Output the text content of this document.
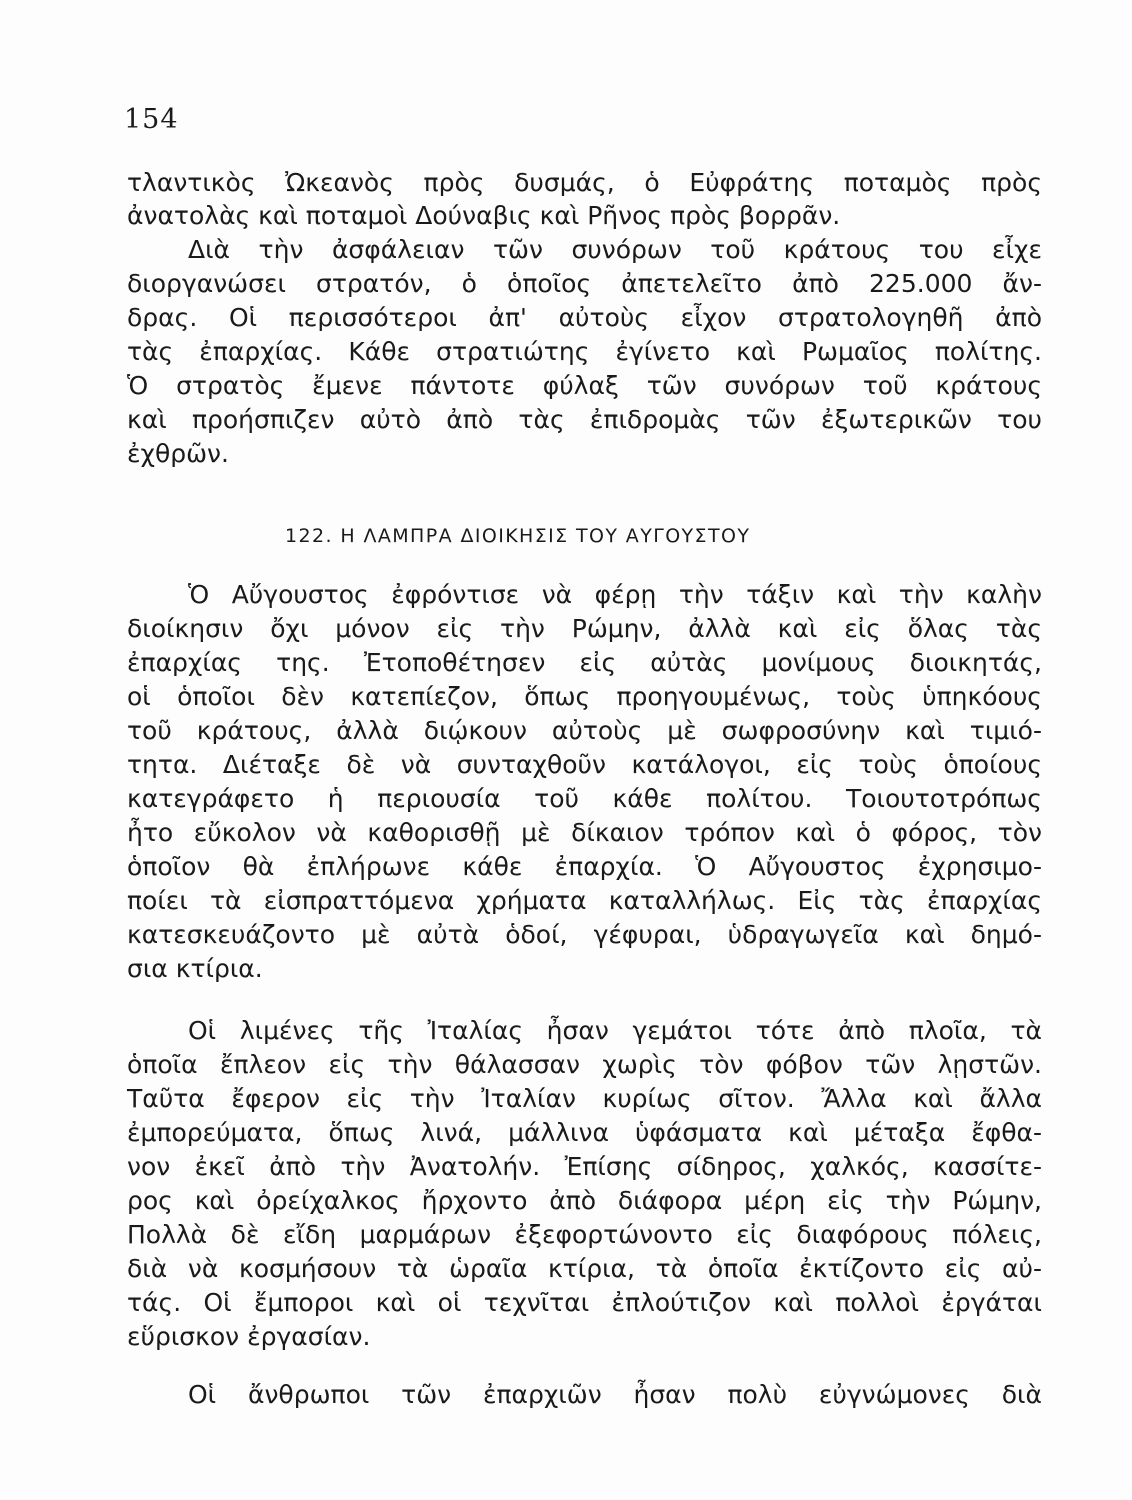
154
τλαντικὸς Ὠκεανὸς πρὸς δυσμάς, ὁ Εὐφράτης ποταμὸς πρὸς
ἀνατολὰς καὶ ποταμοὶ Δούναβις καὶ Ρῆνος πρὸς βορρᾶν.
Διὰ τὴν ἀσφάλειαν τῶν συνόρων τοῦ κράτους του εἶχε
διοργανώσει στρατόν, ὁ ὁποῖος ἀπετελεῖτο ἀπὸ 225.000 ἄν-
δρας. Οἱ περισσότεροι ἀπ' αὐτοὺς εἶχον στρατολογηθῆ ἀπὸ
τὰς ἐπαρχίας. Κάθε στρατιώτης ἐγίνετο καὶ Ρωμαῖος πολίτης.
Ὁ στρατὸς ἔμενε πάντοτε φύλαξ τῶν συνόρων τοῦ κράτους
καὶ προήσπιζεν αὐτὸ ἀπὸ τὰς ἐπιδρομὰς τῶν ἐξωτερικῶν του
ἐχθρῶν.
122. Η ΛΑΜΠΡΑ ΔΙΟΙΚΗΣΙΣ ΤΟΥ ΑΥΓΟΥΣΤΟΥ
Ὁ Αὔγουστος ἐφρόντισε νὰ φέρῃ τὴν τάξιν καὶ τὴν καλὴν
διοίκησιν ὄχι μόνον εἰς τὴν Ρώμην, ἀλλὰ καὶ εἰς ὅλας τὰς
ἐπαρχίας της. Ἐτοποθέτησεν εἰς αὐτὰς μονίμους διοικητάς,
οἱ ὁποῖοι δὲν κατεπίεζον, ὅπως προηγουμένως, τοὺς ὑπηκόους
τοῦ κράτους, ἀλλὰ διῴκουν αὐτοὺς μὲ σωφροσύνην καὶ τιμιό-
τητα. Διέταξε δὲ νὰ συνταχθοῦν κατάλογοι, εἰς τοὺς ὁποίους
κατεγράφετο ἡ περιουσία τοῦ κάθε πολίτου. Τοιουτοτρόπως
ἦτο εὔκολον νὰ καθορισθῇ μὲ δίκαιον τρόπον καὶ ὁ φόρος, τὸν
ὁποῖον θὰ ἐπλήρωνε κάθε ἐπαρχία. Ὁ Αὔγουστος ἐχρησιμο-
ποίει τὰ εἰσπραττόμενα χρήματα καταλλήλως. Εἰς τὰς ἐπαρχίας
κατεσκευάζοντο μὲ αὐτὰ ὁδοί, γέφυραι, ὑδραγωγεῖα καὶ δημό-
σια κτίρια.
Οἱ λιμένες τῆς Ἰταλίας ἦσαν γεμάτοι τότε ἀπὸ πλοῖα, τὰ
ὁποῖα ἔπλεον εἰς τὴν θάλασσαν χωρὶς τὸν φόβον τῶν λῃστῶν.
Ταῦτα ἔφερον εἰς τὴν Ἰταλίαν κυρίως σῖτον. Ἄλλα καὶ ἄλλα
ἐμπορεύματα, ὅπως λινά, μάλλινα ὑφάσματα καὶ μέταξα ἔφθα-
νον ἐκεῖ ἀπὸ τὴν Ἀνατολήν. Ἐπίσης σίδηρος, χαλκός, κασσίτε-
ρος καὶ ὀρείχαλκος ἤρχοντο ἀπὸ διάφορα μέρη εἰς τὴν Ρώμην,
Πολλὰ δὲ εἴδη μαρμάρων ἐξεφορτώνοντο εἰς διαφόρους πόλεις,
διὰ νὰ κοσμήσουν τὰ ὡραῖα κτίρια, τὰ ὁποῖα ἐκτίζοντο εἰς αὐ-
τάς. Οἱ ἔμποροι καὶ οἱ τεχνῖται ἐπλούτιζον καὶ πολλοὶ ἐργάται
εὕρισκον ἐργασίαν.
Οἱ ἄνθρωποι τῶν ἐπαρχιῶν ἦσαν πολὺ εὐγνώμονες διὰ
